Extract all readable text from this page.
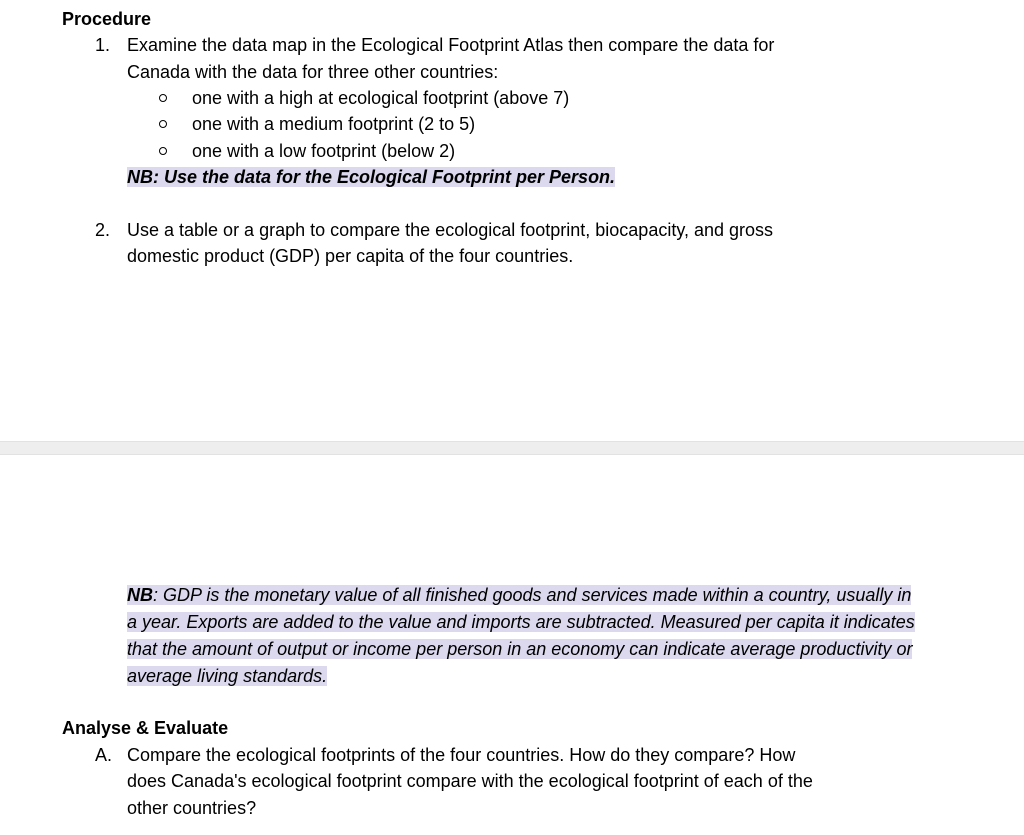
Procedure
1. Examine the data map in the Ecological Footprint Atlas then compare the data for
Canada with the data for three other countries:
one with a high at ecological footprint (above 7)
one with a medium footprint (2 to 5)
one with a low footprint (below 2)
NB: Use the data for the Ecological Footprint per Person.
2. Use a table or a graph to compare the ecological footprint, biocapacity, and gross
domestic product (GDP) per capita of the four countries.
NB: GDP is the monetary value of all finished goods and services made within a country, usually in a year. Exports are added to the value and imports are subtracted. Measured per capita it indicates that the amount of output or income per person in an economy can indicate average productivity or average living standards.
Analyse & Evaluate
A. Compare the ecological footprints of the four countries. How do they compare? How
does Canada's ecological footprint compare with the ecological footprint of each of the
other countries?
